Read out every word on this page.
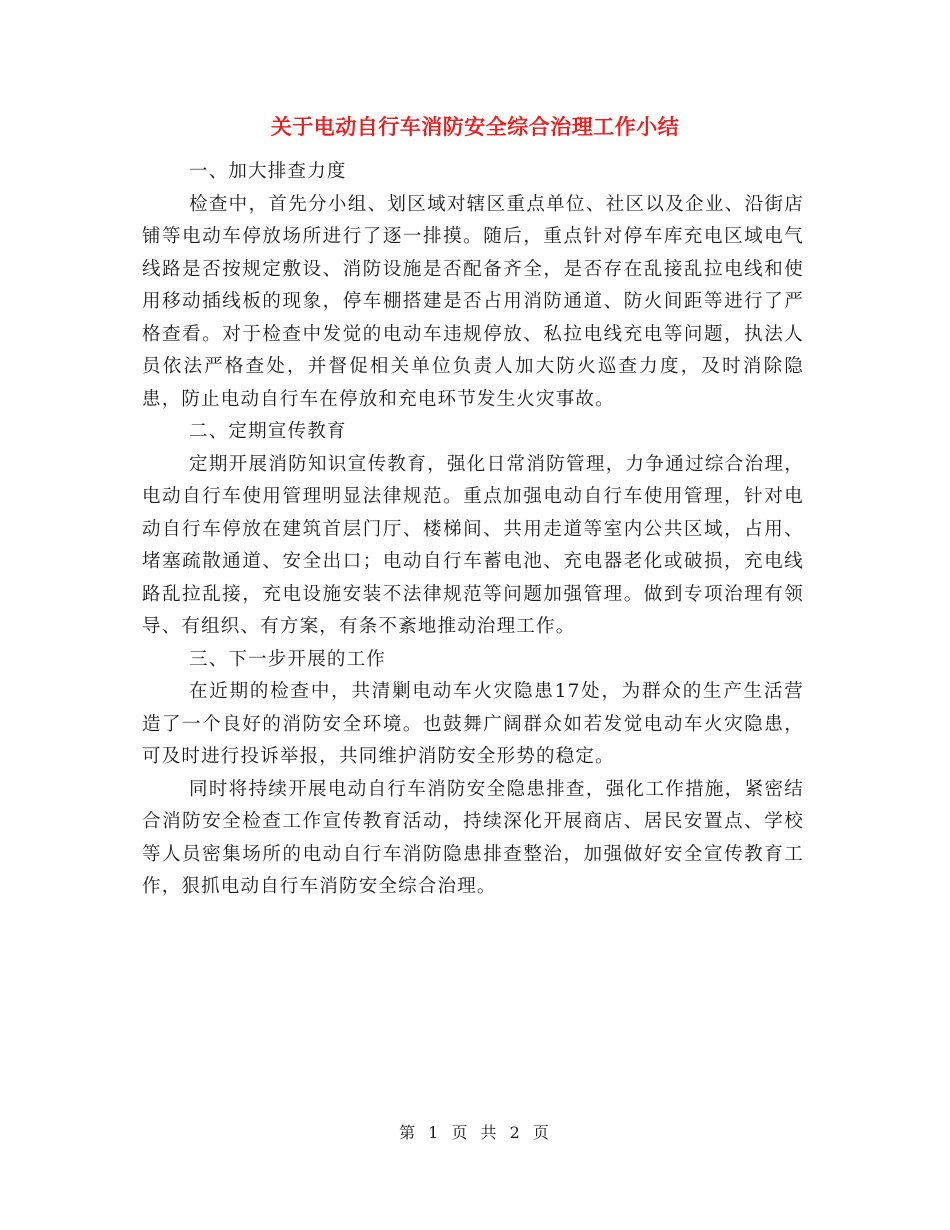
关于电动自行车消防安全综合治理工作小结

一、加大排查力度

检查中，首先分小组、划区域对辖区重点单位、社区以及企业、沿街店铺等电动车停放场所进行了逐一排摸。随后，重点针对停车库充电区域电气线路是否按规定敷设、消防设施是否配备齐全，是否存在乱接乱拉电线和使用移动插线板的现象，停车棚搭建是否占用消防通道、防火间距等进行了严格查看。对于检查中发觉的电动车违规停放、私拉电线充电等问题，执法人员依法严格查处，并督促相关单位负责人加大防火巡查力度，及时消除隐患，防止电动自行车在停放和充电环节发生火灾事故。

二、定期宣传教育

定期开展消防知识宣传教育，强化日常消防管理，力争通过综合治理，电动自行车使用管理明显法律规范。重点加强电动自行车使用管理，针对电动自行车停放在建筑首层门厅、楼梯间、共用走道等室内公共区域，占用、堵塞疏散通道、安全出口；电动自行车蓄电池、充电器老化或破损，充电线路乱拉乱接，充电设施安装不法律规范等问题加强管理。做到专项治理有领导、有组织、有方案，有条不紊地推动治理工作。

三、下一步开展的工作

在近期的检查中，共清剿电动车火灾隐患17处，为群众的生产生活营造了一个良好的消防安全环境。也鼓舞广阔群众如若发觉电动车火灾隐患，可及时进行投诉举报，共同维护消防安全形势的稳定。

同时将持续开展电动自行车消防安全隐患排查，强化工作措施，紧密结合消防安全检查工作宣传教育活动，持续深化开展商店、居民安置点、学校等人员密集场所的电动自行车消防隐患排查整治，加强做好安全宣传教育工作，狠抓电动自行车消防安全综合治理。

第 1 页 共 2 页
